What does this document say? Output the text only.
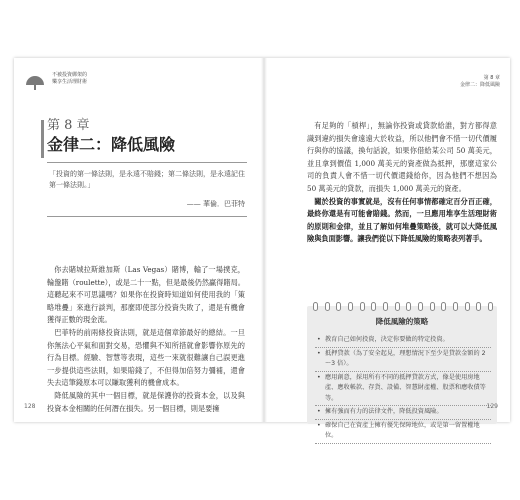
不被投資綁架的
樂享生活理財術
第 8 章
金律二：降低風險

「投資的第一條法則，是永遠不賠錢；第二條法則，是永遠記住第一條法則。」

—— 華倫．巴菲特

你去賭城拉斯維加斯（Las Vegas）賭博，輸了一場撲克，輪盤賭（roulette），或是二十一點，但是最後仍然贏得賭局。這聽起來不可思議嗎？如果你在投資時知道如何使用我的「策略堆疊」來進行談判，那麼即使部分投資失敗了，還是有機會獲得正數的現金流。

巴菲特的前兩條投資法則，就是這個章節最好的總結。一旦你無法心平氣和面對交易，恐懼與不知所措就會影響你原先的行為目標。經驗、智慧等表現，這些一來就很難讓自己誤更進一步提供這些法則，如果賠錢了，不但得加倍努力彌補，還會失去這筆錢原本可以賺取獲利的機會成本。

降低風險的其中一個目標，就是保護你的投資本金，以及與投資本金相關的任何潛在損失。另一個目標，則是要擁

128
第 8 章
金律二：降低風險

有足夠的「槓桿」，無論你投資或貸款給誰，對方都得意識到違約損失會遠遠大於收益，所以他們會不惜一切代價履行與你的協議，換句話說，如果你借給某公司 50 萬美元，並且拿到價值 1,000 萬美元的資產做為抵押，那麼這家公司的負責人會不惜一切代價還錢給你，因為他們不想因為 50 萬美元的貸款，而損失 1,000 萬美元的資產。

關於投資的事實就是，沒有任何事情都確定百分百正確，最終你還是有可能會賠錢。然而，一旦應用堆享生活理財術的原則和金律，並且了解如何堆疊策略後，就可以大降低風險與負面影響。讓我們從以下降低風險的策略表列著手。

降低風險的策略
• 教育自己如何投資，決定你要做的特定投資。
• 抵押貸款（為了安全起見，理想情況下至少是貸款金額的 2～3 倍）。
• 應用創意，採用所有不同的抵押貸款方式，像是使用房地產、應收帳款、存貨、設備、智慧財產權、股票和應收債等等。
• 擁有強而有力的法律文件，降低投資風險。
• 確保自己在資產上擁有優先保障地位，或是第一留置權地位。
129
